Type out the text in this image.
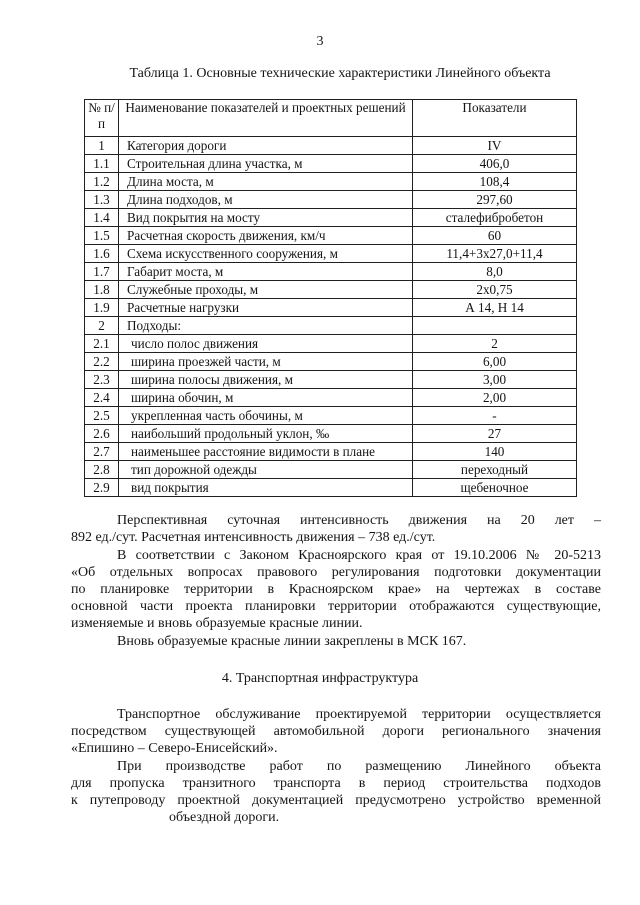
3
Таблица 1. Основные технические характеристики Линейного объекта
№ п/п	Наименование показателей и проектных решений	Показатели
1	Категория дороги	IV
1.1	Строительная длина участка, м	406,0
1.2	Длина моста, м	108,4
1.3	Длина подходов, м	297,60
1.4	Вид покрытия на мосту	сталефибробетон
1.5	Расчетная скорость движения, км/ч	60
1.6	Схема искусственного сооружения, м	11,4+3x27,0+11,4
1.7	Габарит моста, м	8,0
1.8	Служебные проходы, м	2x0,75
1.9	Расчетные нагрузки	А 14, Н 14
2	Подходы:	
2.1	число полос движения	2
2.2	ширина проезжей части, м	6,00
2.3	ширина полосы движения, м	3,00
2.4	ширина обочин, м	2,00
2.5	укрепленная часть обочины, м	-
2.6	наибольший продольный уклон, ‰	27
2.7	наименьшее расстояние видимости в плане	140
2.8	тип дорожной одежды	переходный
2.9	вид покрытия	щебеночное
Перспективная суточная интенсивность движения на 20 лет –
892 ед./сут. Расчетная интенсивность движения – 738 ед./сут.
В соответствии с Законом Красноярского края от 19.10.2006 № 20-5213
«Об отдельных вопросах правового регулирования подготовки документации
по планировке территории в Красноярском крае» на чертежах в составе
основной части проекта планировки территории отображаются существующие,
изменяемые и вновь образуемые красные линии.
Вновь образуемые красные линии закреплены в МСК 167.
4. Транспортная инфраструктура
Транспортное обслуживание проектируемой территории осуществляется
посредством существующей автомобильной дороги регионального значения
«Епишино – Северо-Енисейский».
При производстве работ по размещению Линейного объекта
для пропуска транзитного транспорта в период строительства подходов
к путепроводу проектной документацией предусмотрено устройство временной
объездной дороги.
